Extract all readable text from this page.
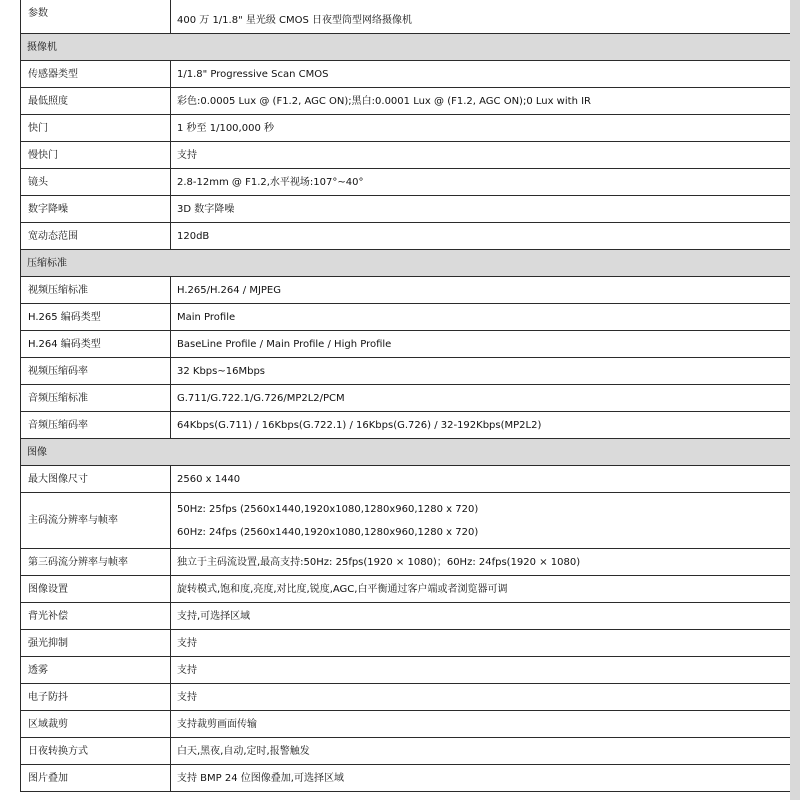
参数	400 万 1/1.8" 星光级 CMOS 日夜型筒型网络摄像机
摄像机	
传感器类型	1/1.8" Progressive Scan CMOS
最低照度	彩色:0.0005 Lux @ (F1.2, AGC ON);黑白:0.0001 Lux @ (F1.2, AGC ON);0 Lux with IR
快门	1 秒至 1/100,000 秒
慢快门	支持
镜头	2.8-12mm @ F1.2,水平视场:107°~40°
数字降噪	3D 数字降噪
宽动态范围	120dB
压缩标准	
视频压缩标准	H.265/H.264 / MJPEG
H.265 编码类型	Main Profile
H.264 编码类型	BaseLine Profile / Main Profile / High Profile
视频压缩码率	32 Kbps~16Mbps
音频压缩标准	G.711/G.722.1/G.726/MP2L2/PCM
音频压缩码率	64Kbps(G.711) / 16Kbps(G.722.1) / 16Kbps(G.726) / 32-192Kbps(MP2L2)
图像	
最大图像尺寸	2560 x 1440
主码流分辨率与帧率	50Hz: 25fps (2560x1440,1920x1080,1280x960,1280 x 720)
60Hz: 24fps (2560x1440,1920x1080,1280x960,1280 x 720)

第三码流分辨率与帧率	独立于主码流设置,最高支持:50Hz: 25fps(1920 × 1080)；60Hz: 24fps(1920 × 1080)
图像设置	旋转模式,饱和度,亮度,对比度,锐度,AGC,白平衡通过客户端或者浏览器可调
背光补偿	支持,可选择区域
强光抑制	支持
透雾	支持
电子防抖	支持
区域裁剪	支持裁剪画面传输
日夜转换方式	白天,黑夜,自动,定时,报警触发
图片叠加	支持 BMP 24 位图像叠加,可选择区域
